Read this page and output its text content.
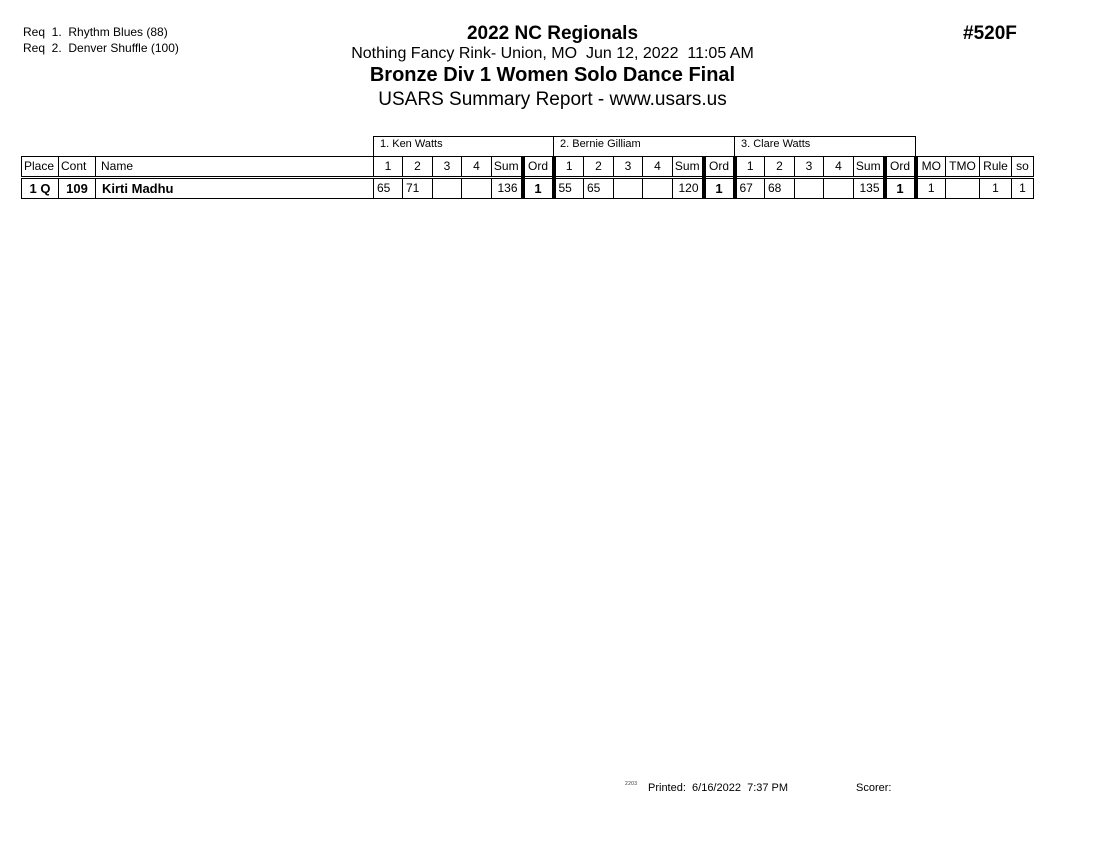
Req  1.  Rhythm Blues (88)
Req  2.  Denver Shuffle (100)
2022 NC Regionals
Nothing Fancy Rink- Union, MO  Jun 12, 2022  11:05 AM
Bronze Div 1 Women Solo Dance Final
USARS Summary Report - www.usars.us
#520F
			1. Ken Watts						2. Bernie Gilliam						3. Clare Watts									
Place	Cont	Name	1	2	3	4	Sum	Ord	1	2	3	4	Sum	Ord	1	2	3	4	Sum	Ord	MO	TMO	Rule	so
1 Q	109	Kirti Madhu	65	71			136	1	55	65			120	1	67	68			135	1	1		1	1
2203 Printed:  6/16/2022  7:37 PM	Scorer:
